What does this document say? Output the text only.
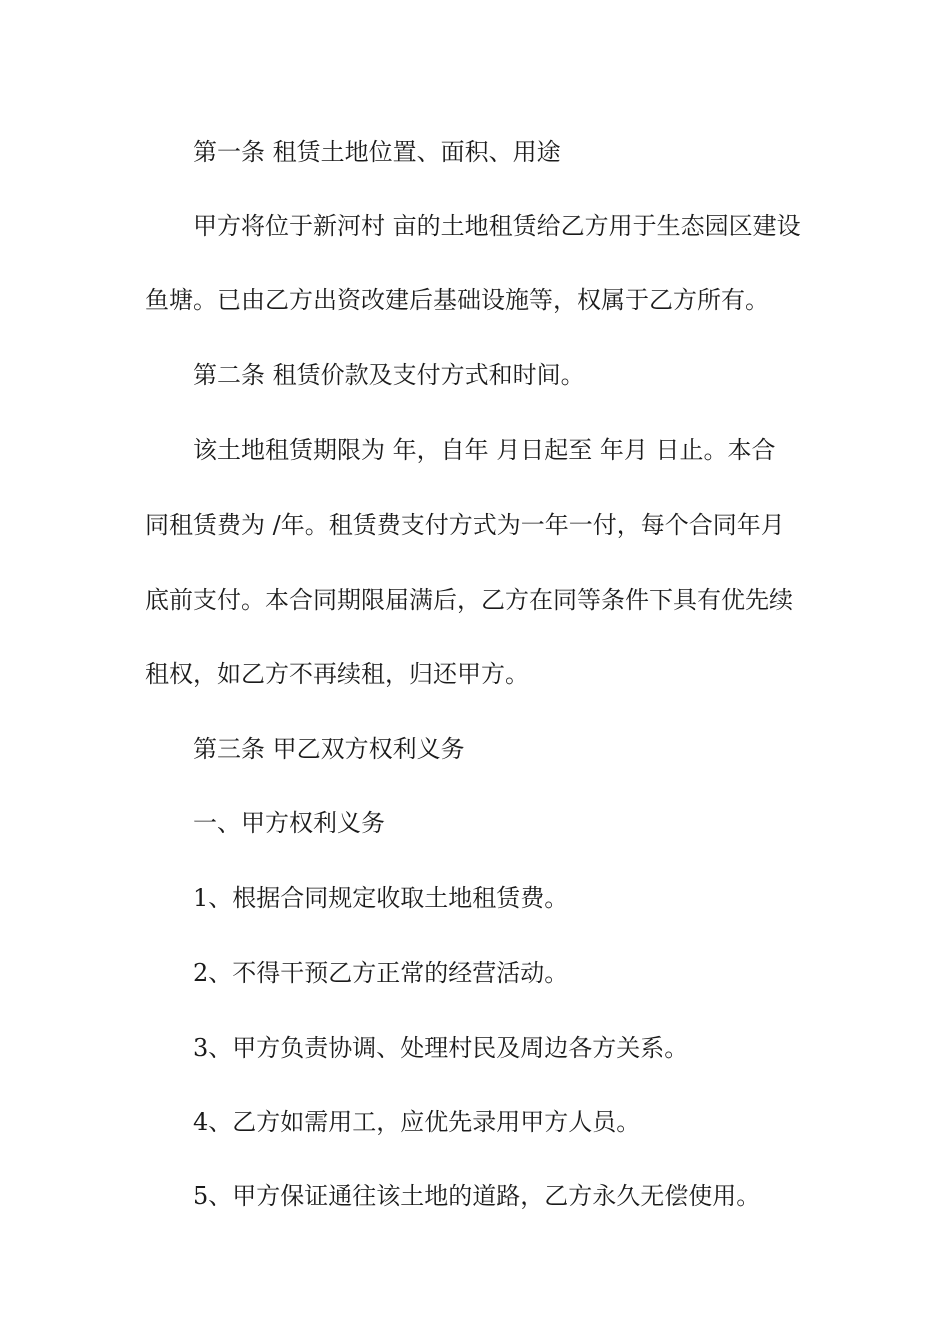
第一条 租赁土地位置、面积、用途
甲方将位于新河村 亩的土地租赁给乙方用于生态园区建设
鱼塘。已由乙方出资改建后基础设施等，权属于乙方所有。
第二条 租赁价款及支付方式和时间。
该土地租赁期限为 年，自年 月日起至 年月 日止。本合
同租赁费为 /年。租赁费支付方式为一年一付，每个合同年月
底前支付。本合同期限届满后，乙方在同等条件下具有优先续
租权，如乙方不再续租，归还甲方。
第三条 甲乙双方权利义务
一、甲方权利义务
1、根据合同规定收取土地租赁费。
2、不得干预乙方正常的经营活动。
3、甲方负责协调、处理村民及周边各方关系。
4、乙方如需用工，应优先录用甲方人员。
5、甲方保证通往该土地的道路，乙方永久无偿使用。
